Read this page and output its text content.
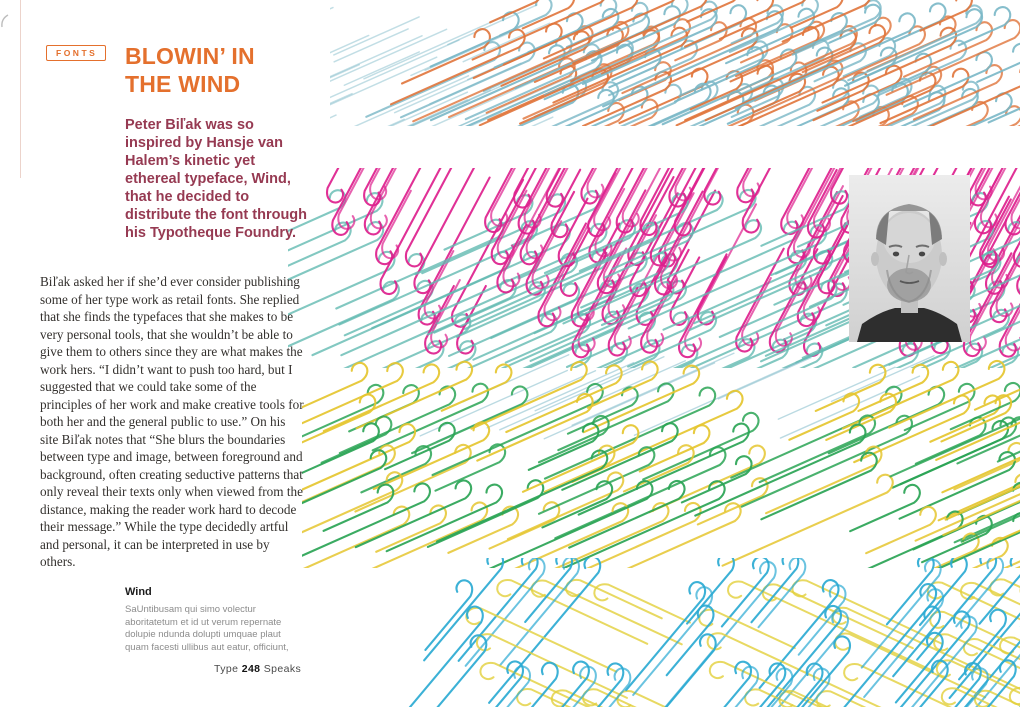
FONTS	BLOWIN’ IN THE WIND
Peter Biľak was so inspired by Hansje van Halem’s kinetic yet ethereal typeface, Wind, that he decided to distribute the font through his Typotheque Foundry.
Biľak asked her if she’d ever consider publishing some of her type work as retail fonts. She replied that she finds the typefaces that she makes to be very personal tools, that she wouldn’t be able to give them to others since they are what makes the work hers. “I didn’t want to push too hard, but I suggested that we could take some of the principles of her work and make creative tools for both her and the general public to use.” On his site Biľak notes that “She blurs the boundaries between type and image, between foreground and background, often creating seductive patterns that only reveal their texts only when viewed from the distance, making the reader work hard to decode their message.” While the type decidedly artful and personal, it can be interpreted in use by others.
Wind
SaUntibusam qui simo volectur aboritatetum et id ut verum repernate dolupie ndunda dolupti umquae plaut quam facesti ullibus aut eatur, officiunt,
Type 248 Speaks
